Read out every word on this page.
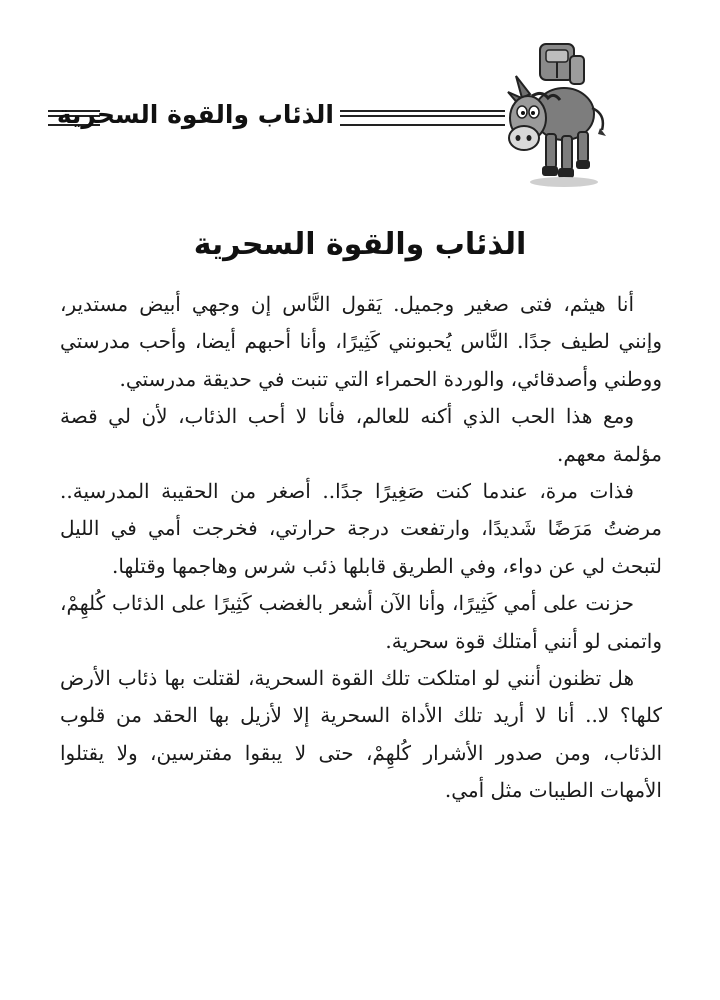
الذئاب والقوة السحرية
الذئاب والقوة السحرية

أنا هيثم، فتى صغير وجميل. يَقول النَّاس إن وجهي أبيض مستدير، وإنني لطيف جدًا. النَّاس يُحبونني كَثِيرًا، وأنا أحبهم أيضا، وأحب مدرستي ووطني وأصدقائي، والوردة الحمراء التي تنبت في حديقة مدرستي.

ومع هذا الحب الذي أكنه للعالم، فأنا لا أحب الذئاب، لأن لي قصة مؤلمة معهم.

فذات مرة، عندما كنت صَغِيرًا جدًا.. أصغر من الحقيبة المدرسية.. مرضتُ مَرَضًا شَديدًا، وارتفعت درجة حرارتي، فخرجت أمي في الليل لتبحث لي عن دواء، وفي الطريق قابلها ذئب شرس وهاجمها وقتلها.

حزنت على أمي كَثِيرًا، وأنا الآن أشعر بالغضب كَثِيرًا على الذئاب كُلهِمْ، واتمنى لو أنني أمتلك قوة سحرية.

هل تظنون أنني لو امتلكت تلك القوة السحرية، لقتلت بها ذئاب الأرض كلها؟ لا.. أنا لا أريد تلك الأداة السحرية إلا لأزيل بها الحقد من قلوب الذئاب، ومن صدور الأشرار كُلهِمْ، حتى لا يبقوا مفترسين، ولا يقتلوا الأمهات الطيبات مثل أمي.
